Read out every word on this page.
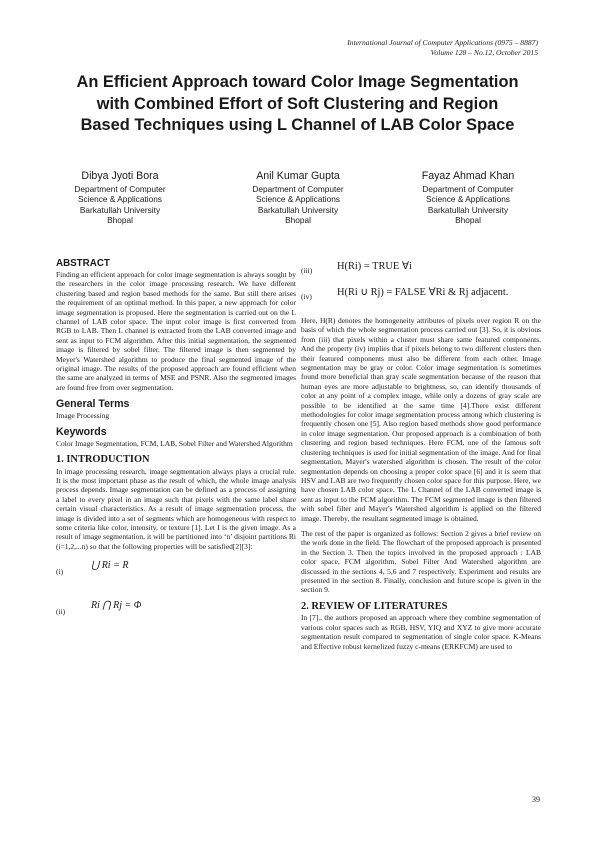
International Journal of Computer Applications (0975 – 8887)
Volume 128 – No.12, October 2015
An Efficient Approach toward Color Image Segmentation
with Combined Effort of Soft Clustering and Region
Based Techniques using L Channel of LAB Color Space
Dibya Jyoti Bora
Department of Computer
Science & Applications
Barkatullah University
Bhopal
Anil Kumar Gupta
Department of Computer
Science & Applications
Barkatullah University
Bhopal
Fayaz Ahmad Khan
Department of Computer
Science & Applications
Barkatullah University
Bhopal
ABSTRACT

Finding an efficient approach for color image segmentation is always sought by the researchers in the color image processing research. We have different clustering based and region based methods for the same. But still there arises the requirement of an optimal method. In this paper, a new approach for color image segmentation is proposed. Here the segmentation is carried out on the L channel of LAB color space. The input color image is first converted from RGB to LAB. Then L channel is extracted from the LAB converted image and sent as input to FCM algorithm. After this initial segmentation, the segmented image is filtered by sobel filter. The filtered image is then segmented by Meyer's Watershed algorithm to produce the final segmented image of the original image. The results of the proposed approach are found efficient when the same are analyzed in terms of MSE and PSNR. Also the segmented images are found free from over segmentation.

General Terms

Image Processing

Keywords

Color Image Segmentation, FCM, LAB, Sobel Filter and Watershed Algorithm

1. INTRODUCTION

In image processing research, image segmentation always plays a crucial rule. It is the most important phase as the result of which, the whole image analysis process depends. Image segmentation can be defined as a process of assigning a label to every pixel in an image such that pixels with the same label share certain visual characteristics. As a result of image segmentation process, the image is divided into a set of segments which are homogeneous with respect to some criteria like color, intensity, or texture [1]. Let I is the given image. As a result of image segmentation, it will be partitioned into ‘n’ disjoint partitions Ri (i=1,2,...n) so that the following properties will be satisfied[2][3]:

(i)
⋃ Ri = R
(ii)
Ri ⋂ Rj = Φ
(iii) H(Ri) = TRUE ∀i
(iv) H(Ri ∪ Rj) = FALSE ∀Ri & Rj adjacent.

Here, H(R) denotes the homogeneity attributes of pixels over region R on the basis of which the whole segmentation process carried out [3]. So, it is obvious from (iii) that pixels within a cluster must share same featured components. And the property (iv) implies that if pixels belong to two different clusters then their featured components must also be different from each other. Image segmentation may be gray or color. Color image segmentation is sometimes found more beneficial than gray scale segmentation because of the reason that human eyes are more adjustable to brightness, so, can identify thousands of color at any point of a complex image, while only a dozens of gray scale are possible to be identified at the same time [4].There exist different methodologies for color image segmentation process among which clustering is frequently chosen one [5]. Also region based methods show good performance in color image segmentation. Our proposed approach is a combination of both clustering and region based techniques. Here FCM, one of the famous soft clustering techniques is used for initial segmentation of the image. And for final segmentation, Mayer's watershed algorithm is chosen. The result of the color segmentation depends on choosing a proper color space [6] and it is seem that HSV and LAB are two frequently chosen color space for this purpose. Here, we have chosen LAB color space. The L Channel of the LAB converted image is sent as input to the FCM algorithm. The FCM segmented image is then filtered with sobel filter and Mayer's Watershed algorithm is applied on the filtered image. Thereby, the resultant segmented image is obtained.

The rest of the paper is organized as follows: Section 2 gives a brief review on the work done in the field. The flowchart of the proposed approach is presented in the Section 3. Then the topics involved in the proposed approach : LAB color space, FCM algorithm, Sobel Filter And Watershed algorithm are discussed in the sections 4, 5,6 and 7 respectively. Experiment and results are presented in the section 8. Finally, conclusion and future scope is given in the section 9.

2. REVIEW OF LITERATURES

In [7]., the authors proposed an approach where they combine segmentation of various color spaces such as RGB, HSV, YIQ and XYZ to give more accurate segmentation result compared to segmentation of single color space. K-Means and Effective robust kernelized fuzzy c-means (ERKFCM) are used to

39
